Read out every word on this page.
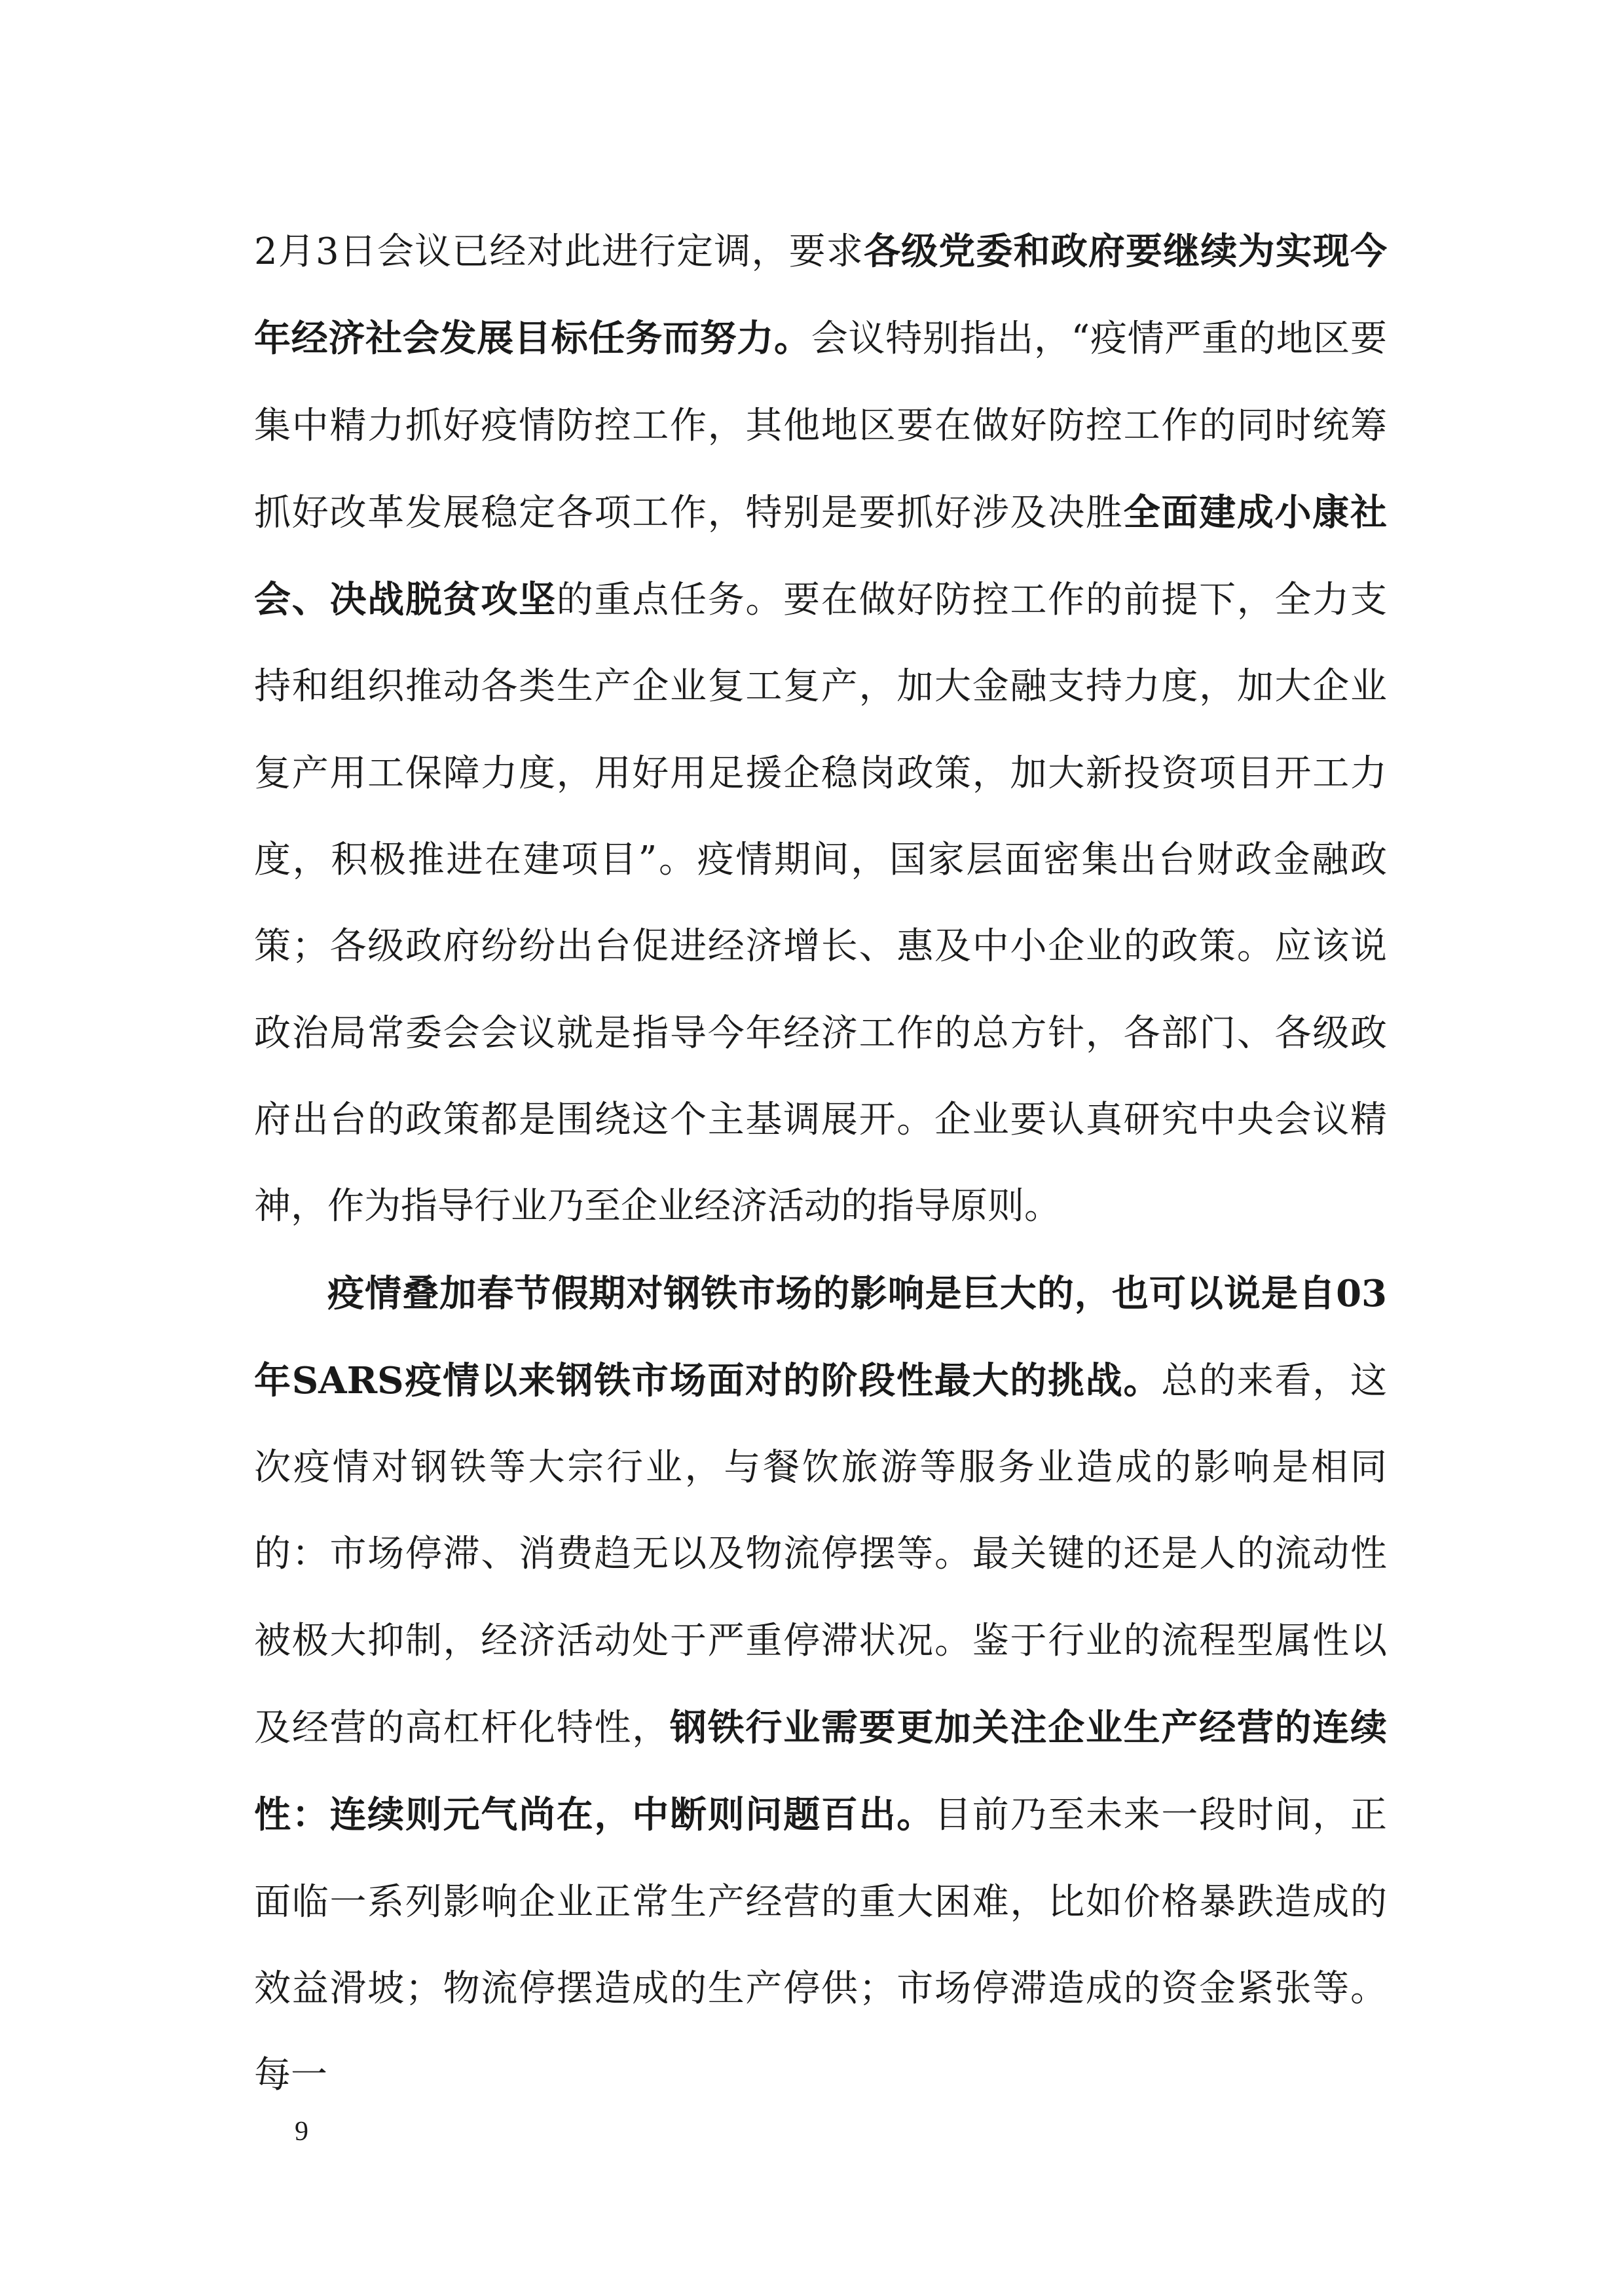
2月3日会议已经对此进行定调，要求各级党委和政府要继续为实现今年经济社会发展目标任务而努力。会议特别指出，“疫情严重的地区要集中精力抓好疫情防控工作，其他地区要在做好防控工作的同时统筹抓好改革发展稳定各项工作，特别是要抓好涉及决胜全面建成小康社会、决战脱贫攻坚的重点任务。要在做好防控工作的前提下，全力支持和组织推动各类生产企业复工复产，加大金融支持力度，加大企业复产用工保障力度，用好用足援企稳岗政策，加大新投资项目开工力度，积极推进在建项目”。疫情期间，国家层面密集出台财政金融政策；各级政府纷纷出台促进经济增长、惠及中小企业的政策。应该说政治局常委会会议就是指导今年经济工作的总方针，各部门、各级政府出台的政策都是围绕这个主基调展开。企业要认真研究中央会议精神，作为指导行业乃至企业经济活动的指导原则。

疫情叠加春节假期对钢铁市场的影响是巨大的，也可以说是自03年SARS疫情以来钢铁市场面对的阶段性最大的挑战。总的来看，这次疫情对钢铁等大宗行业，与餐饮旅游等服务业造成的影响是相同的：市场停滞、消费趋无以及物流停摆等。最关键的还是人的流动性被极大抑制，经济活动处于严重停滞状况。鉴于行业的流程型属性以及经营的高杠杆化特性，钢铁行业需要更加关注企业生产经营的连续性：连续则元气尚在，中断则问题百出。目前乃至未来一段时间，正面临一系列影响企业正常生产经营的重大困难，比如价格暴跌造成的效益滑坡；物流停摆造成的生产停供；市场停滞造成的资金紧张等。每一

9
